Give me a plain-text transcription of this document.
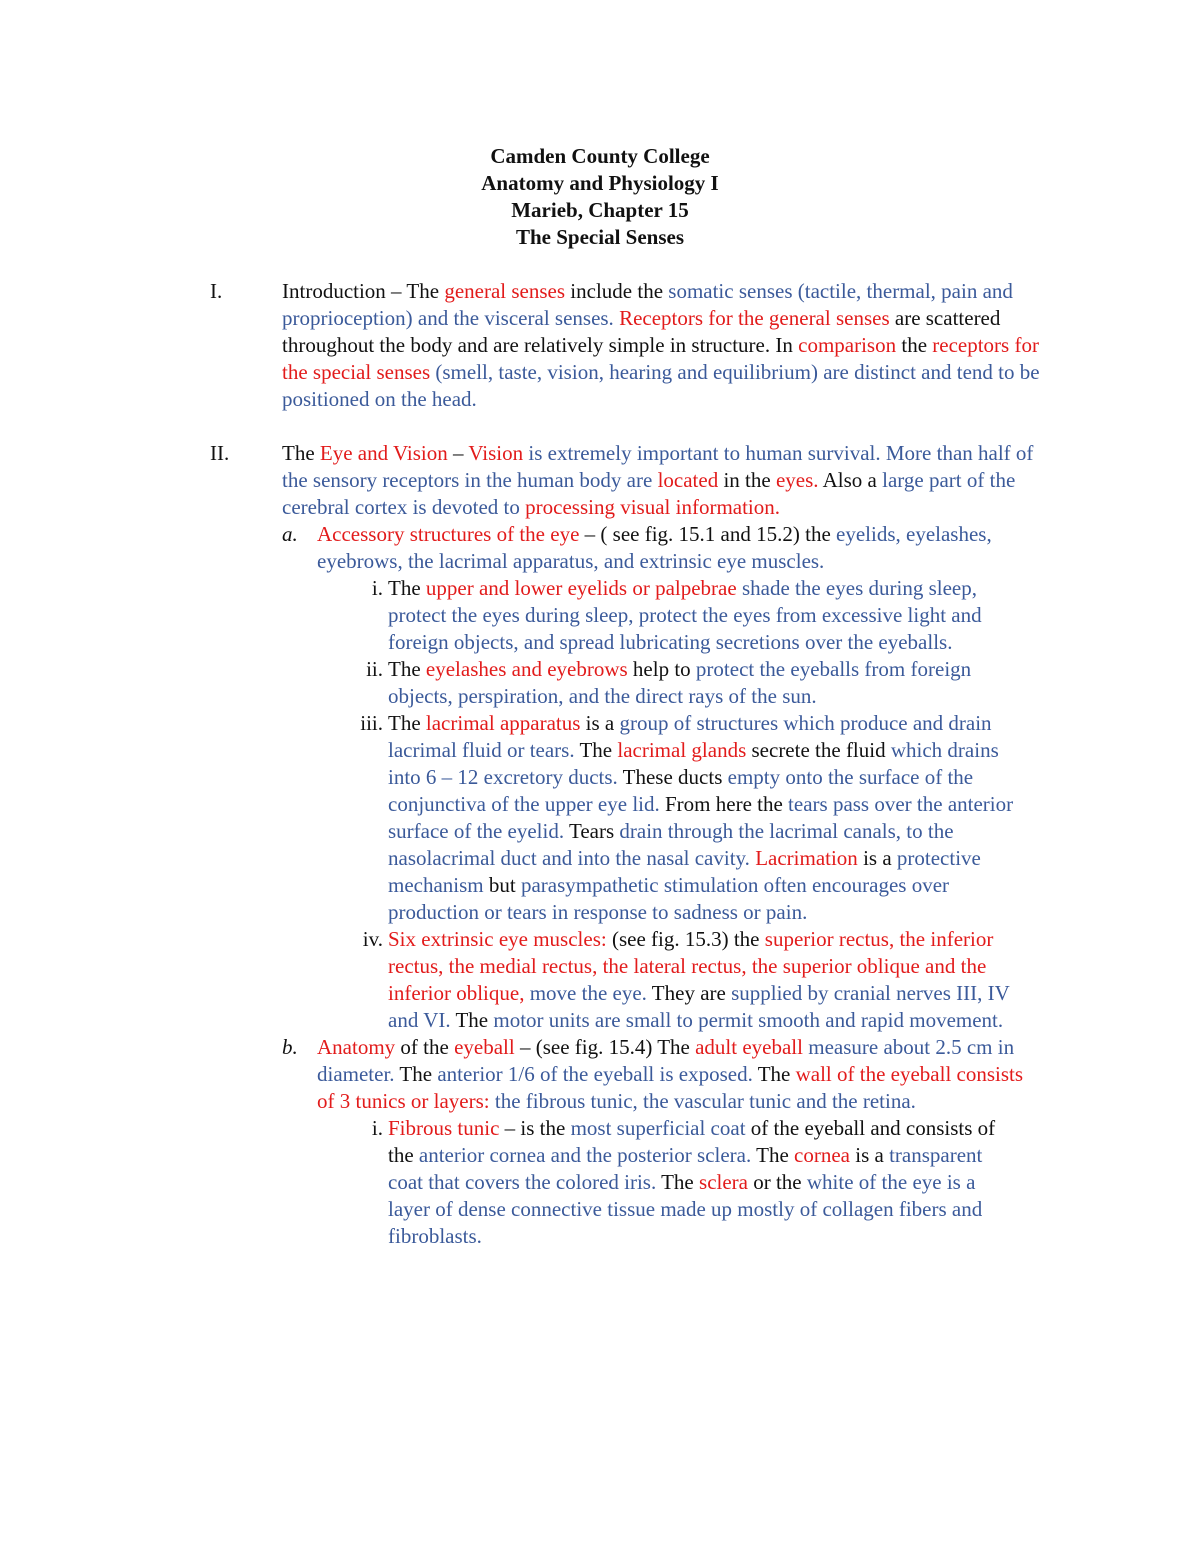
Camden County College

Anatomy and Physiology I

Marieb, Chapter 15

The Special Senses

I.	Introduction – The general senses include the somatic senses (tactile, thermal, pain and proprioception) and the visceral senses. Receptors for the general senses are scattered throughout the body and are relatively simple in structure. In comparison the receptors for the special senses (smell, taste, vision, hearing and equilibrium) are distinct and tend to be positioned on the head.

II.	The Eye and Vision – Vision is extremely important to human survival. More than half of the sensory receptors in the human body are located in the eyes. Also a large part of the cerebral cortex is devoted to processing visual information.

a. Accessory structures of the eye – ( see fig. 15.1 and 15.2) the eyelids, eyelashes, eyebrows, the lacrimal apparatus, and extrinsic eye muscles.

i. The upper and lower eyelids or palpebrae shade the eyes during sleep, protect the eyes during sleep, protect the eyes from excessive light and foreign objects, and spread lubricating secretions over the eyeballs.

ii. The eyelashes and eyebrows help to protect the eyeballs from foreign objects, perspiration, and the direct rays of the sun.

iii. The lacrimal apparatus is a group of structures which produce and drain lacrimal fluid or tears. The lacrimal glands secrete the fluid which drains into 6 – 12 excretory ducts. These ducts empty onto the surface of the conjunctiva of the upper eye lid. From here the tears pass over the anterior surface of the eyelid. Tears drain through the lacrimal canals, to the nasolacrimal duct and into the nasal cavity. Lacrimation is a protective mechanism but parasympathetic stimulation often encourages over production or tears in response to sadness or pain.

iv. Six extrinsic eye muscles: (see fig. 15.3) the superior rectus, the inferior rectus, the medial rectus, the lateral rectus, the superior oblique and the inferior oblique, move the eye. They are supplied by cranial nerves III, IV and VI. The motor units are small to permit smooth and rapid movement.

b. Anatomy of the eyeball – (see fig. 15.4) The adult eyeball measure about 2.5 cm in diameter. The anterior 1/6 of the eyeball is exposed. The wall of the eyeball consists of 3 tunics or layers: the fibrous tunic, the vascular tunic and the retina.

i. Fibrous tunic – is the most superficial coat of the eyeball and consists of the anterior cornea and the posterior sclera. The cornea is a transparent coat that covers the colored iris. The sclera or the white of the eye is a layer of dense connective tissue made up mostly of collagen fibers and fibroblasts.
